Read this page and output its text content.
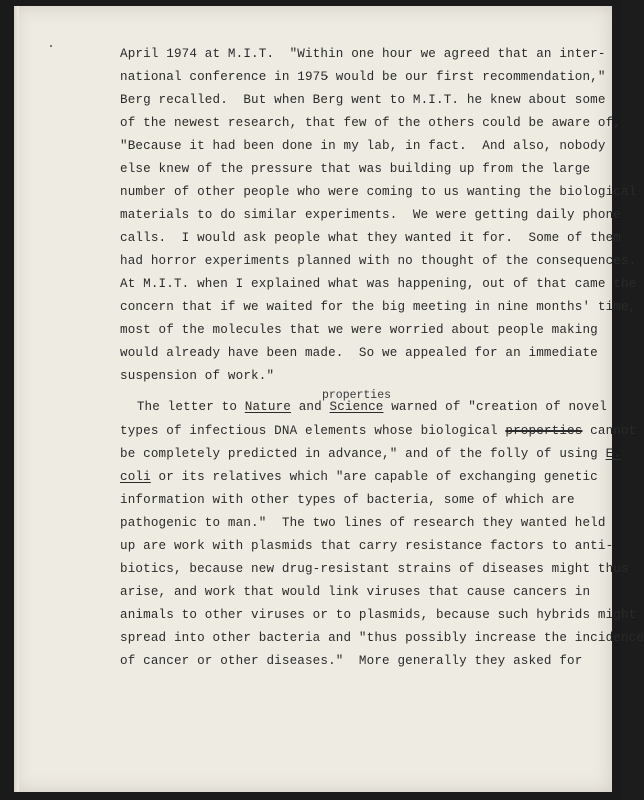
April 1974 at M.I.T.  "Within one hour we agreed that an inter-
national conference in 1975 would be our first recommendation,"
Berg recalled.  But when Berg went to M.I.T. he knew about some
of the newest research, that few of the others could be aware of,
"Because it had been done in my lab, in fact.  And also, nobody
else knew of the pressure that was building up from the large
number of other people who were coming to us wanting the biological
materials to do similar experiments.  We were getting daily phone
calls.  I would ask people what they wanted it for.  Some of them
had horror experiments planned with no thought of the consequences.
At M.I.T. when I explained what was happening, out of that came the
concern that if we waited for the big meeting in nine months' time,
most of the molecules that we were worried about people making
would already have been made.  So we appealed for an immediate
suspension of work."
The letter to Nature and Science warned of "creation of novel
types of infectious DNA elements whose biological properties cannot
be completely predicted in advance," and of the folly of using E.
coli or its relatives which "are capable of exchanging genetic
information with other types of bacteria, some of which are
pathogenic to man."  The two lines of research they wanted held
up are work with plasmids that carry resistance factors to anti-
biotics, because new drug-resistant strains of diseases might thus
arise, and work that would link viruses that cause cancers in
animals to other viruses or to plasmids, because such hybrids might
spread into other bacteria and "thus possibly increase the incidence
of cancer or other diseases."  More generally they asked for
properties
